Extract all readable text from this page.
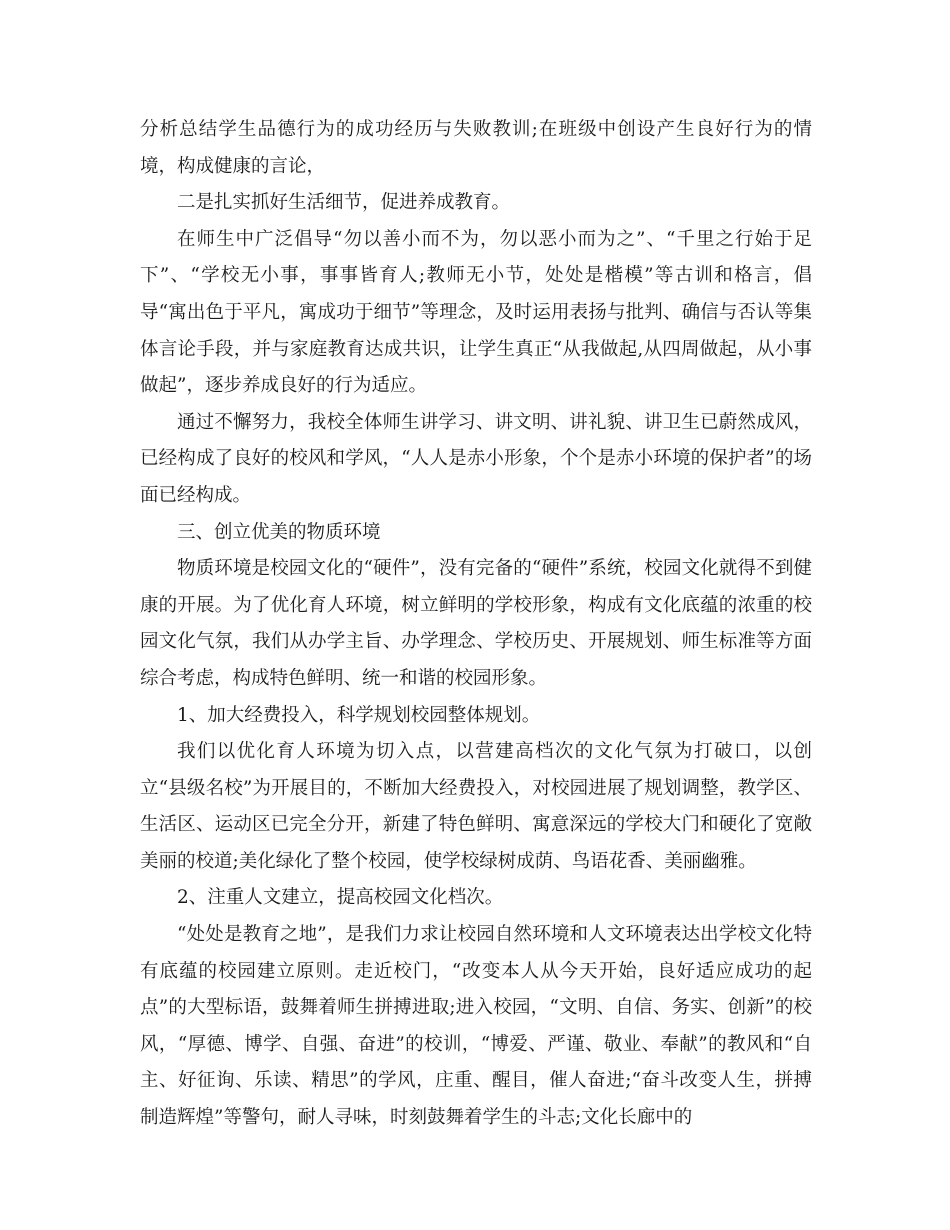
分析总结学生品德行为的成功经历与失败教训;在班级中创设产生良好行为的情境，构成健康的言论，

二是扎实抓好生活细节，促进养成教育。

在师生中广泛倡导“勿以善小而不为，勿以恶小而为之”、“千里之行始于足下”、“学校无小事，事事皆育人;教师无小节，处处是楷模”等古训和格言，倡导“寓出色于平凡，寓成功于细节”等理念，及时运用表扬与批判、确信与否认等集体言论手段，并与家庭教育达成共识，让学生真正“从我做起,从四周做起，从小事做起”，逐步养成良好的行为适应。

通过不懈努力，我校全体师生讲学习、讲文明、讲礼貌、讲卫生已蔚然成风，已经构成了良好的校风和学风，“人人是赤小形象，个个是赤小环境的保护者”的场面已经构成。

三、创立优美的物质环境

物质环境是校园文化的“硬件”，没有完备的“硬件”系统，校园文化就得不到健康的开展。为了优化育人环境，树立鲜明的学校形象，构成有文化底蕴的浓重的校园文化气氛，我们从办学主旨、办学理念、学校历史、开展规划、师生标准等方面综合考虑，构成特色鲜明、统一和谐的校园形象。

1、加大经费投入，科学规划校园整体规划。

我们以优化育人环境为切入点，以营建高档次的文化气氛为打破口，以创立“县级名校”为开展目的，不断加大经费投入，对校园进展了规划调整，教学区、生活区、运动区已完全分开，新建了特色鲜明、寓意深远的学校大门和硬化了宽敞美丽的校道;美化绿化了整个校园，使学校绿树成荫、鸟语花香、美丽幽雅。

2、注重人文建立，提高校园文化档次。

“处处是教育之地”，是我们力求让校园自然环境和人文环境表达出学校文化特有底蕴的校园建立原则。走近校门，“改变本人从今天开始，良好适应成功的起点”的大型标语，鼓舞着师生拼搏进取;进入校园，“文明、自信、务实、创新”的校风，“厚德、博学、自强、奋进”的校训，“博爱、严谨、敬业、奉献”的教风和“自主、好征询、乐读、精思”的学风，庄重、醒目，催人奋进;“奋斗改变人生，拼搏制造辉煌”等警句，耐人寻味，时刻鼓舞着学生的斗志;文化长廊中的
